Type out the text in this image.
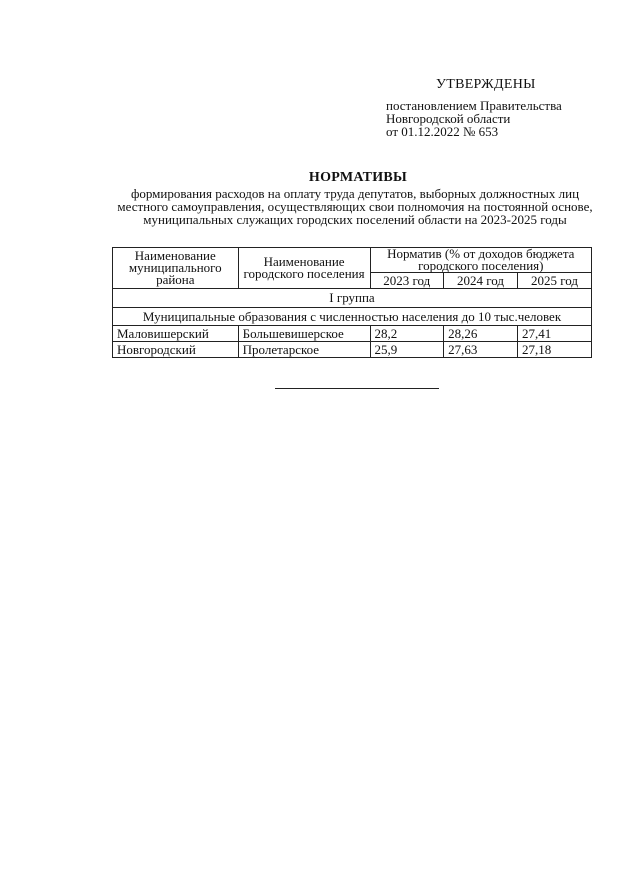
УТВЕРЖДЕНЫ
постановлением Правительства
Новгородской области
от 01.12.2022 № 653
НОРМАТИВЫ
формирования расходов на оплату труда депутатов, выборных должностных лиц местного самоуправления, осуществляющих свои полномочия на постоянной основе, муниципальных служащих городских поселений области на 2023-2025 годы
Наименование муниципального района	Наименование городского поселения	Норматив (% от доходов бюджета городского поселения)		
		2023 год	2024 год	2025 год
I группа				
Муниципальные образования с численностью населения до 10 тыс.человек				
Маловишерский	Большевишерское	28,2	28,26	27,41
Новгородский	Пролетарское	25,9	27,63	27,18
